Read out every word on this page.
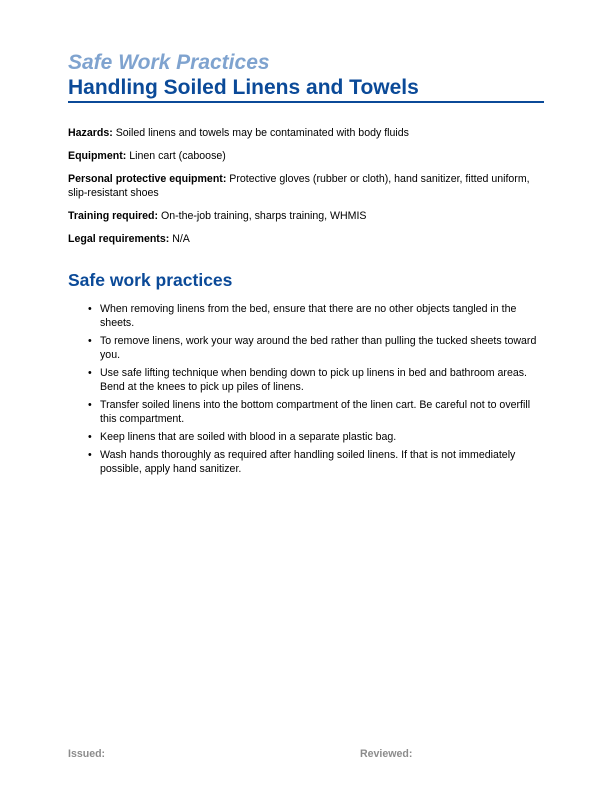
Safe Work Practices

Handling Soiled Linens and Towels

Hazards: Soiled linens and towels may be contaminated with body fluids

Equipment: Linen cart (caboose)

Personal protective equipment: Protective gloves (rubber or cloth), hand sanitizer, fitted uniform, slip-resistant shoes

Training required: On-the-job training, sharps training, WHMIS

Legal requirements: N/A

Safe work practices
• When removing linens from the bed, ensure that there are no other objects tangled in the sheets.
• To remove linens, work your way around the bed rather than pulling the tucked sheets toward you.
• Use safe lifting technique when bending down to pick up linens in bed and bathroom areas. Bend at the knees to pick up piles of linens.
• Transfer soiled linens into the bottom compartment of the linen cart. Be careful not to overfill this compartment.
• Keep linens that are soiled with blood in a separate plastic bag.
• Wash hands thoroughly as required after handling soiled linens. If that is not immediately possible, apply hand sanitizer.
Issued:	Reviewed:
